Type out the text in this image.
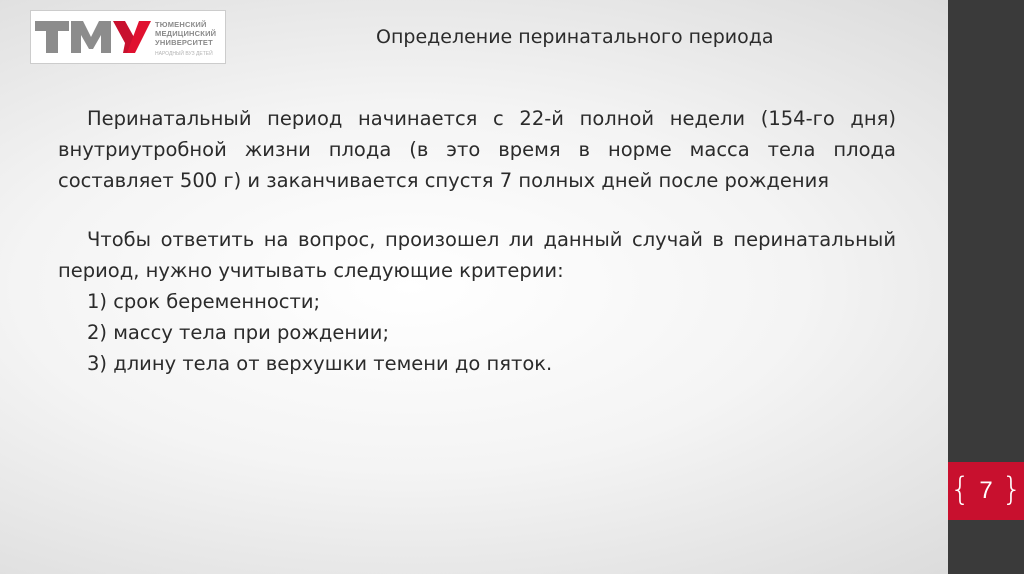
ТЮМЕНСКИЙ
МЕДИЦИНСКИЙ
УНИВЕРСИТЕТ
НАРОДНЫЙ ВУЗ ДЕТЕЙ
Определение перинатального периода

Перинатальный период начинается с 22-й полной недели (154-го дня) внутриутробной жизни плода (в это время в норме масса тела плода составляет 500 г) и заканчивается спустя 7 полных дней после рождения

Чтобы ответить на вопрос, произошел ли данный случай в перинатальный период, нужно учитывать следующие критерии:

1) срок беременности;

2) массу тела при рождении;

3) длину тела от верхушки темени до пяток.

{ 7 }
